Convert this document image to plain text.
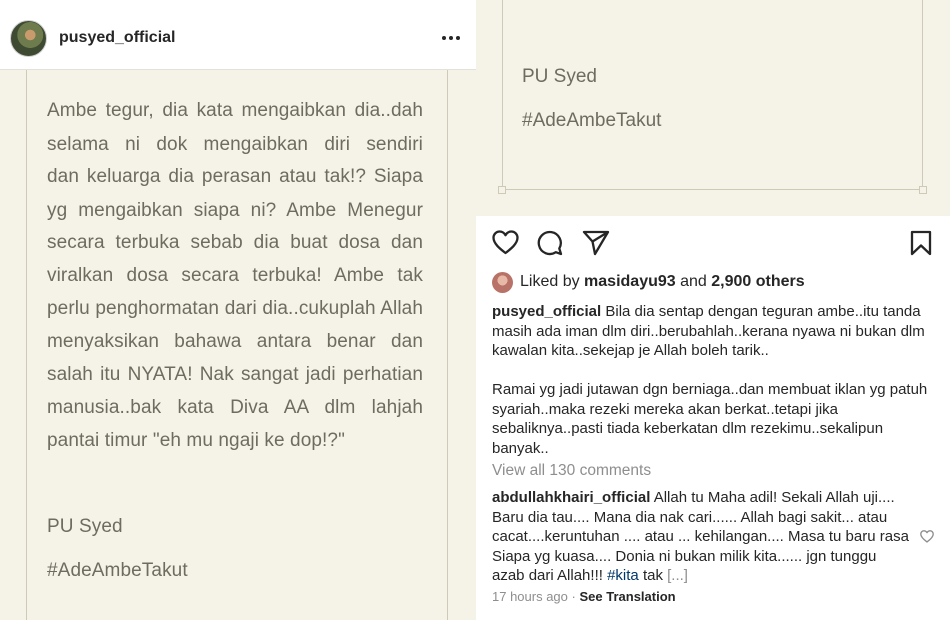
Ambe tegur, dia kata mengaibkan dia..dah
selama ni dok mengaibkan diri sendiri
dan keluarga dia perasan atau tak!? Siapa
yg mengaibkan siapa ni? Ambe Menegur
secara terbuka sebab dia buat dosa dan
viralkan dosa secara terbuka! Ambe tak
perlu penghormatan dari dia..cukuplah Allah
menyaksikan bahawa antara benar dan
salah itu NYATA! Nak sangat jadi perhatian
manusia..bak kata Diva AA dlm lahjah
pantai timur "eh mu ngaji ke dop!?"
PU Syed
#AdeAmbeTakut
pusyed_official
PU Syed
#AdeAmbeTakut
Liked by masidayu93 and 2,900 others
pusyed_official Bila dia sentap dengan teguran ambe..itu tanda masih ada iman dlm diri..berubahlah..kerana nyawa ni bukan dlm kawalan kita..sekejap je Allah boleh tarik..
Ramai yg jadi jutawan dgn berniaga..dan membuat iklan yg patuh syariah..maka rezeki mereka akan berkat..tetapi jika sebaliknya..pasti tiada keberkatan dlm rezekimu..sekalipun banyak..
View all 130 comments
abdullahkhairi_official Allah tu Maha adil! Sekali Allah uji.... Baru dia tau.... Mana dia nak cari...... Allah bagi sakit... atau cacat....keruntuhan .... atau ... kehilangan.... Masa tu baru rasa Siapa yg kuasa.... Donia ni bukan milik kita...... jgn tunggu azab dari Allah!!! #kita tak [...]
17 hours ago · See Translation
